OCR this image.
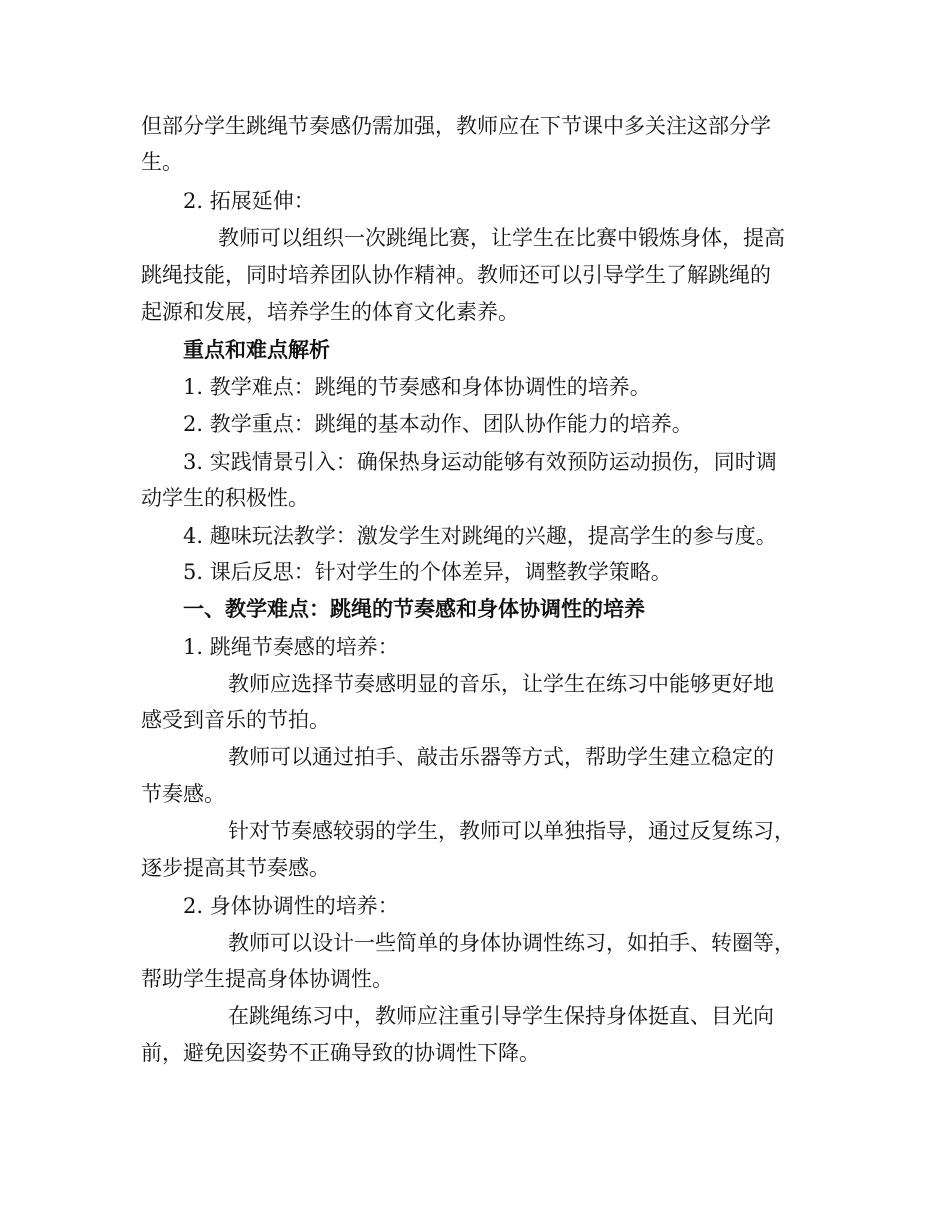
但部分学生跳绳节奏感仍需加强，教师应在下节课中多关注这部分学
生。
2. 拓展延伸：
教师可以组织一次跳绳比赛，让学生在比赛中锻炼身体，提高
跳绳技能，同时培养团队协作精神。教师还可以引导学生了解跳绳的
起源和发展，培养学生的体育文化素养。
重点和难点解析
1. 教学难点：跳绳的节奏感和身体协调性的培养。
2. 教学重点：跳绳的基本动作、团队协作能力的培养。
3. 实践情景引入：确保热身运动能够有效预防运动损伤，同时调
动学生的积极性。
4. 趣味玩法教学：激发学生对跳绳的兴趣，提高学生的参与度。
5. 课后反思：针对学生的个体差异，调整教学策略。
一、教学难点：跳绳的节奏感和身体协调性的培养
1. 跳绳节奏感的培养：
教师应选择节奏感明显的音乐，让学生在练习中能够更好地
感受到音乐的节拍。
教师可以通过拍手、敲击乐器等方式，帮助学生建立稳定的
节奏感。
针对节奏感较弱的学生，教师可以单独指导，通过反复练习，
逐步提高其节奏感。
2. 身体协调性的培养：
教师可以设计一些简单的身体协调性练习，如拍手、转圈等，
帮助学生提高身体协调性。
在跳绳练习中，教师应注重引导学生保持身体挺直、目光向
前，避免因姿势不正确导致的协调性下降。
